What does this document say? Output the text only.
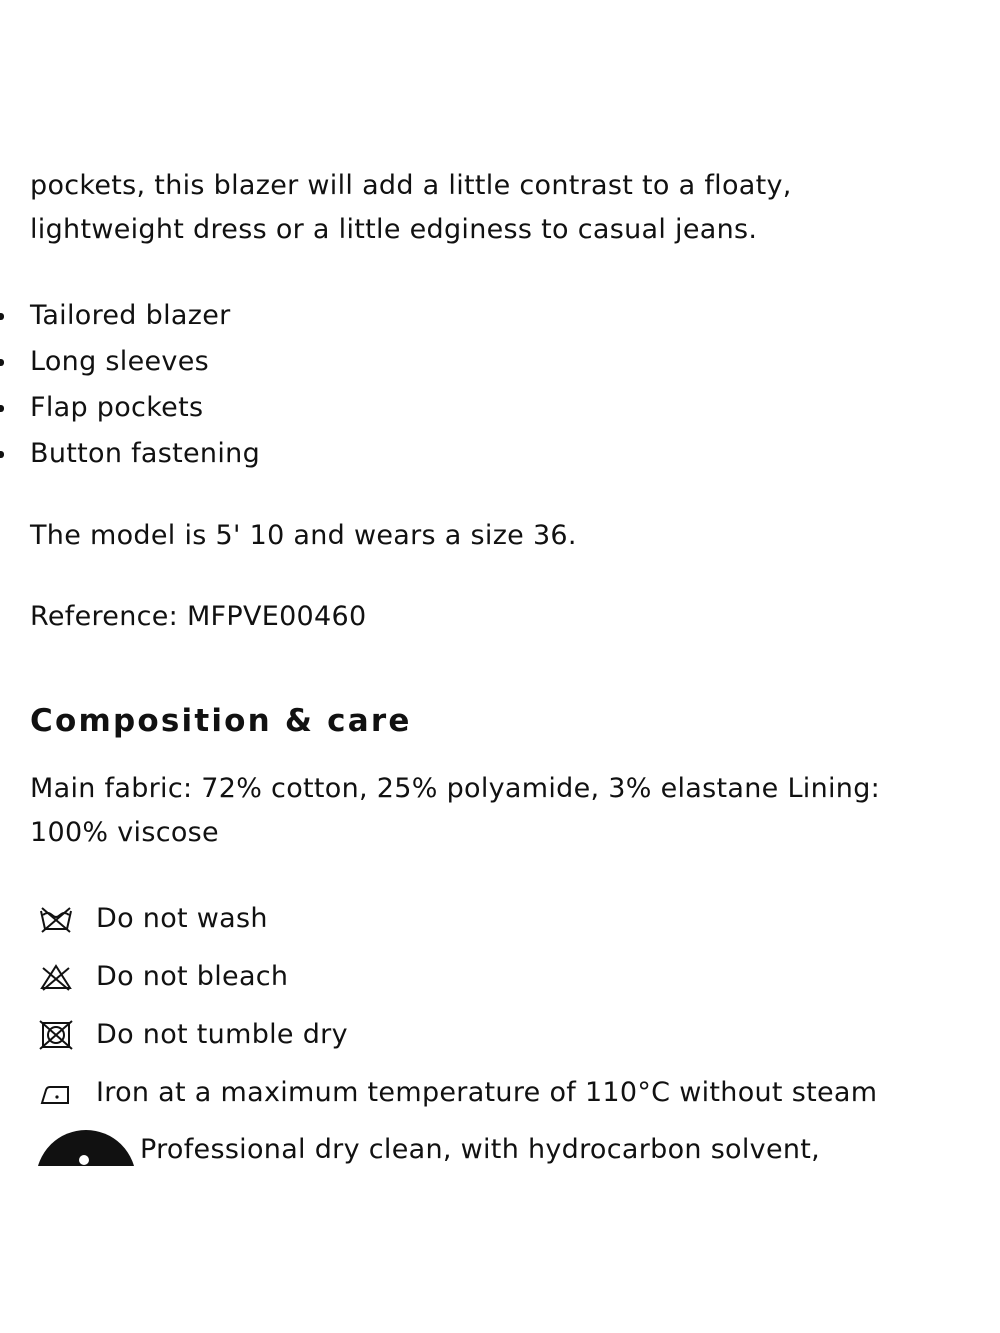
pockets, this blazer will add a little contrast to a floaty,
lightweight dress or a little edginess to casual jeans.

Tailored blazer
Long sleeves
Flap pockets
Button fastening
The model is 5' 10 and wears a size 36.
Reference: MFPVE00460
Composition & care

Main fabric: 72% cotton, 25% polyamide, 3% elastane Lining:
100% viscose

Do not wash
Do not bleach
Do not tumble dry
Iron at a maximum temperature of 110°C without steam
Professional dry clean, with hydrocarbon solvent,
